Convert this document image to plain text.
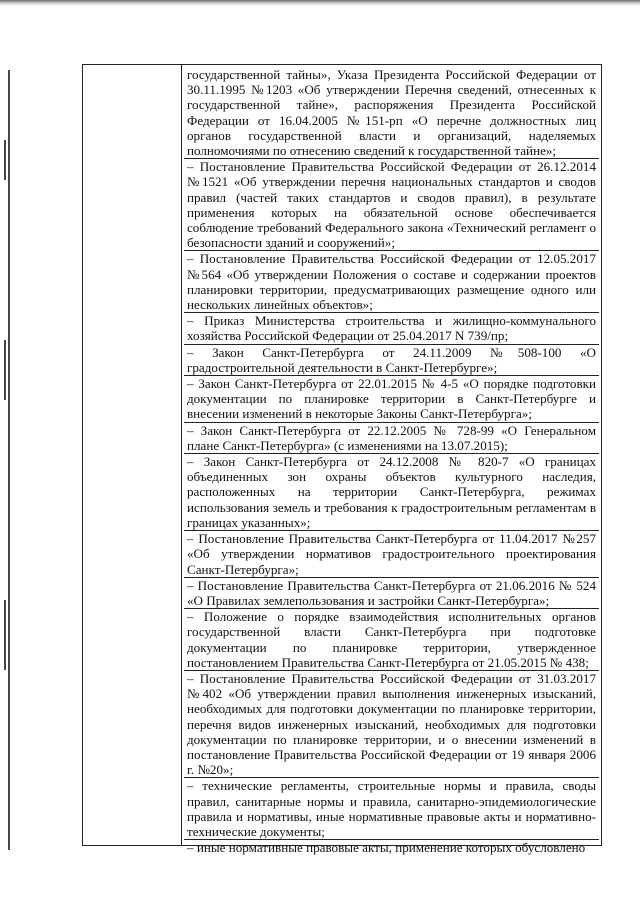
государственной тайны», Указа Президента Российской Федерации от 30.11.1995 №1203 «Об утверждении Перечня сведений, отнесенных к государственной тайне», распоряжения Президента Российской Федерации от 16.04.2005 №151-рп «О перечне должностных лиц органов государственной власти и организаций, наделяемых полномочиями по отнесению сведений к государственной тайне»;

– Постановление Правительства Российской Федерации от 26.12.2014 №1521 «Об утверждении перечня национальных стандартов и сводов правил (частей таких стандартов и сводов правил), в результате применения которых на обязательной основе обеспечивается соблюдение требований Федерального закона «Технический регламент о безопасности зданий и сооружений»;

– Постановление Правительства Российской Федерации от 12.05.2017 №564 «Об утверждении Положения о составе и содержании проектов планировки территории, предусматривающих размещение одного или нескольких линейных объектов»;

– Приказ Министерства строительства и жилищно-коммунального хозяйства Российской Федерации от 25.04.2017 N 739/пр;

– Закон Санкт-Петербурга от 24.11.2009 №508-100 «О градостроительной деятельности в Санкт-Петербурге»;

– Закон Санкт-Петербурга от 22.01.2015 № 4-5 «О порядке подготовки документации по планировке территории в Санкт-Петербурге и внесении изменений в некоторые Законы Санкт-Петербурга»;

– Закон Санкт-Петербурга от 22.12.2005 № 728-99 «О Генеральном плане Санкт-Петербурга» (с изменениями на 13.07.2015);

– Закон Санкт-Петербурга от 24.12.2008 № 820-7 «О границах объединенных зон охраны объектов культурного наследия, расположенных на территории Санкт-Петербурга, режимах использования земель и требования к градостроительным регламентам в границах указанных»;

– Постановление Правительства Санкт-Петербурга от 11.04.2017 №257 «Об утверждении нормативов градостроительного проектирования Санкт-Петербурга»;

– Постановление Правительства Санкт-Петербурга от 21.06.2016 № 524 «О Правилах землепользования и застройки Санкт-Петербурга»;

– Положение о порядке взаимодействия исполнительных органов государственной власти Санкт-Петербурга при подготовке документации по планировке территории, утвержденное постановлением Правительства Санкт-Петербурга от 21.05.2015 № 438;

– Постановление Правительства Российской Федерации от 31.03.2017 №402 «Об утверждении правил выполнения инженерных изысканий, необходимых для подготовки документации по планировке территории, перечня видов инженерных изысканий, необходимых для подготовки документации по планировке территории, и о внесении изменений в постановление Правительства Российской Федерации от 19 января 2006 г. №20»;

– технические регламенты, строительные нормы и правила, своды правил, санитарные нормы и правила, санитарно-эпидемиологические правила и нормативы, иные нормативные правовые акты и нормативно-технические документы;

– иные нормативные правовые акты, применение которых обусловлено
